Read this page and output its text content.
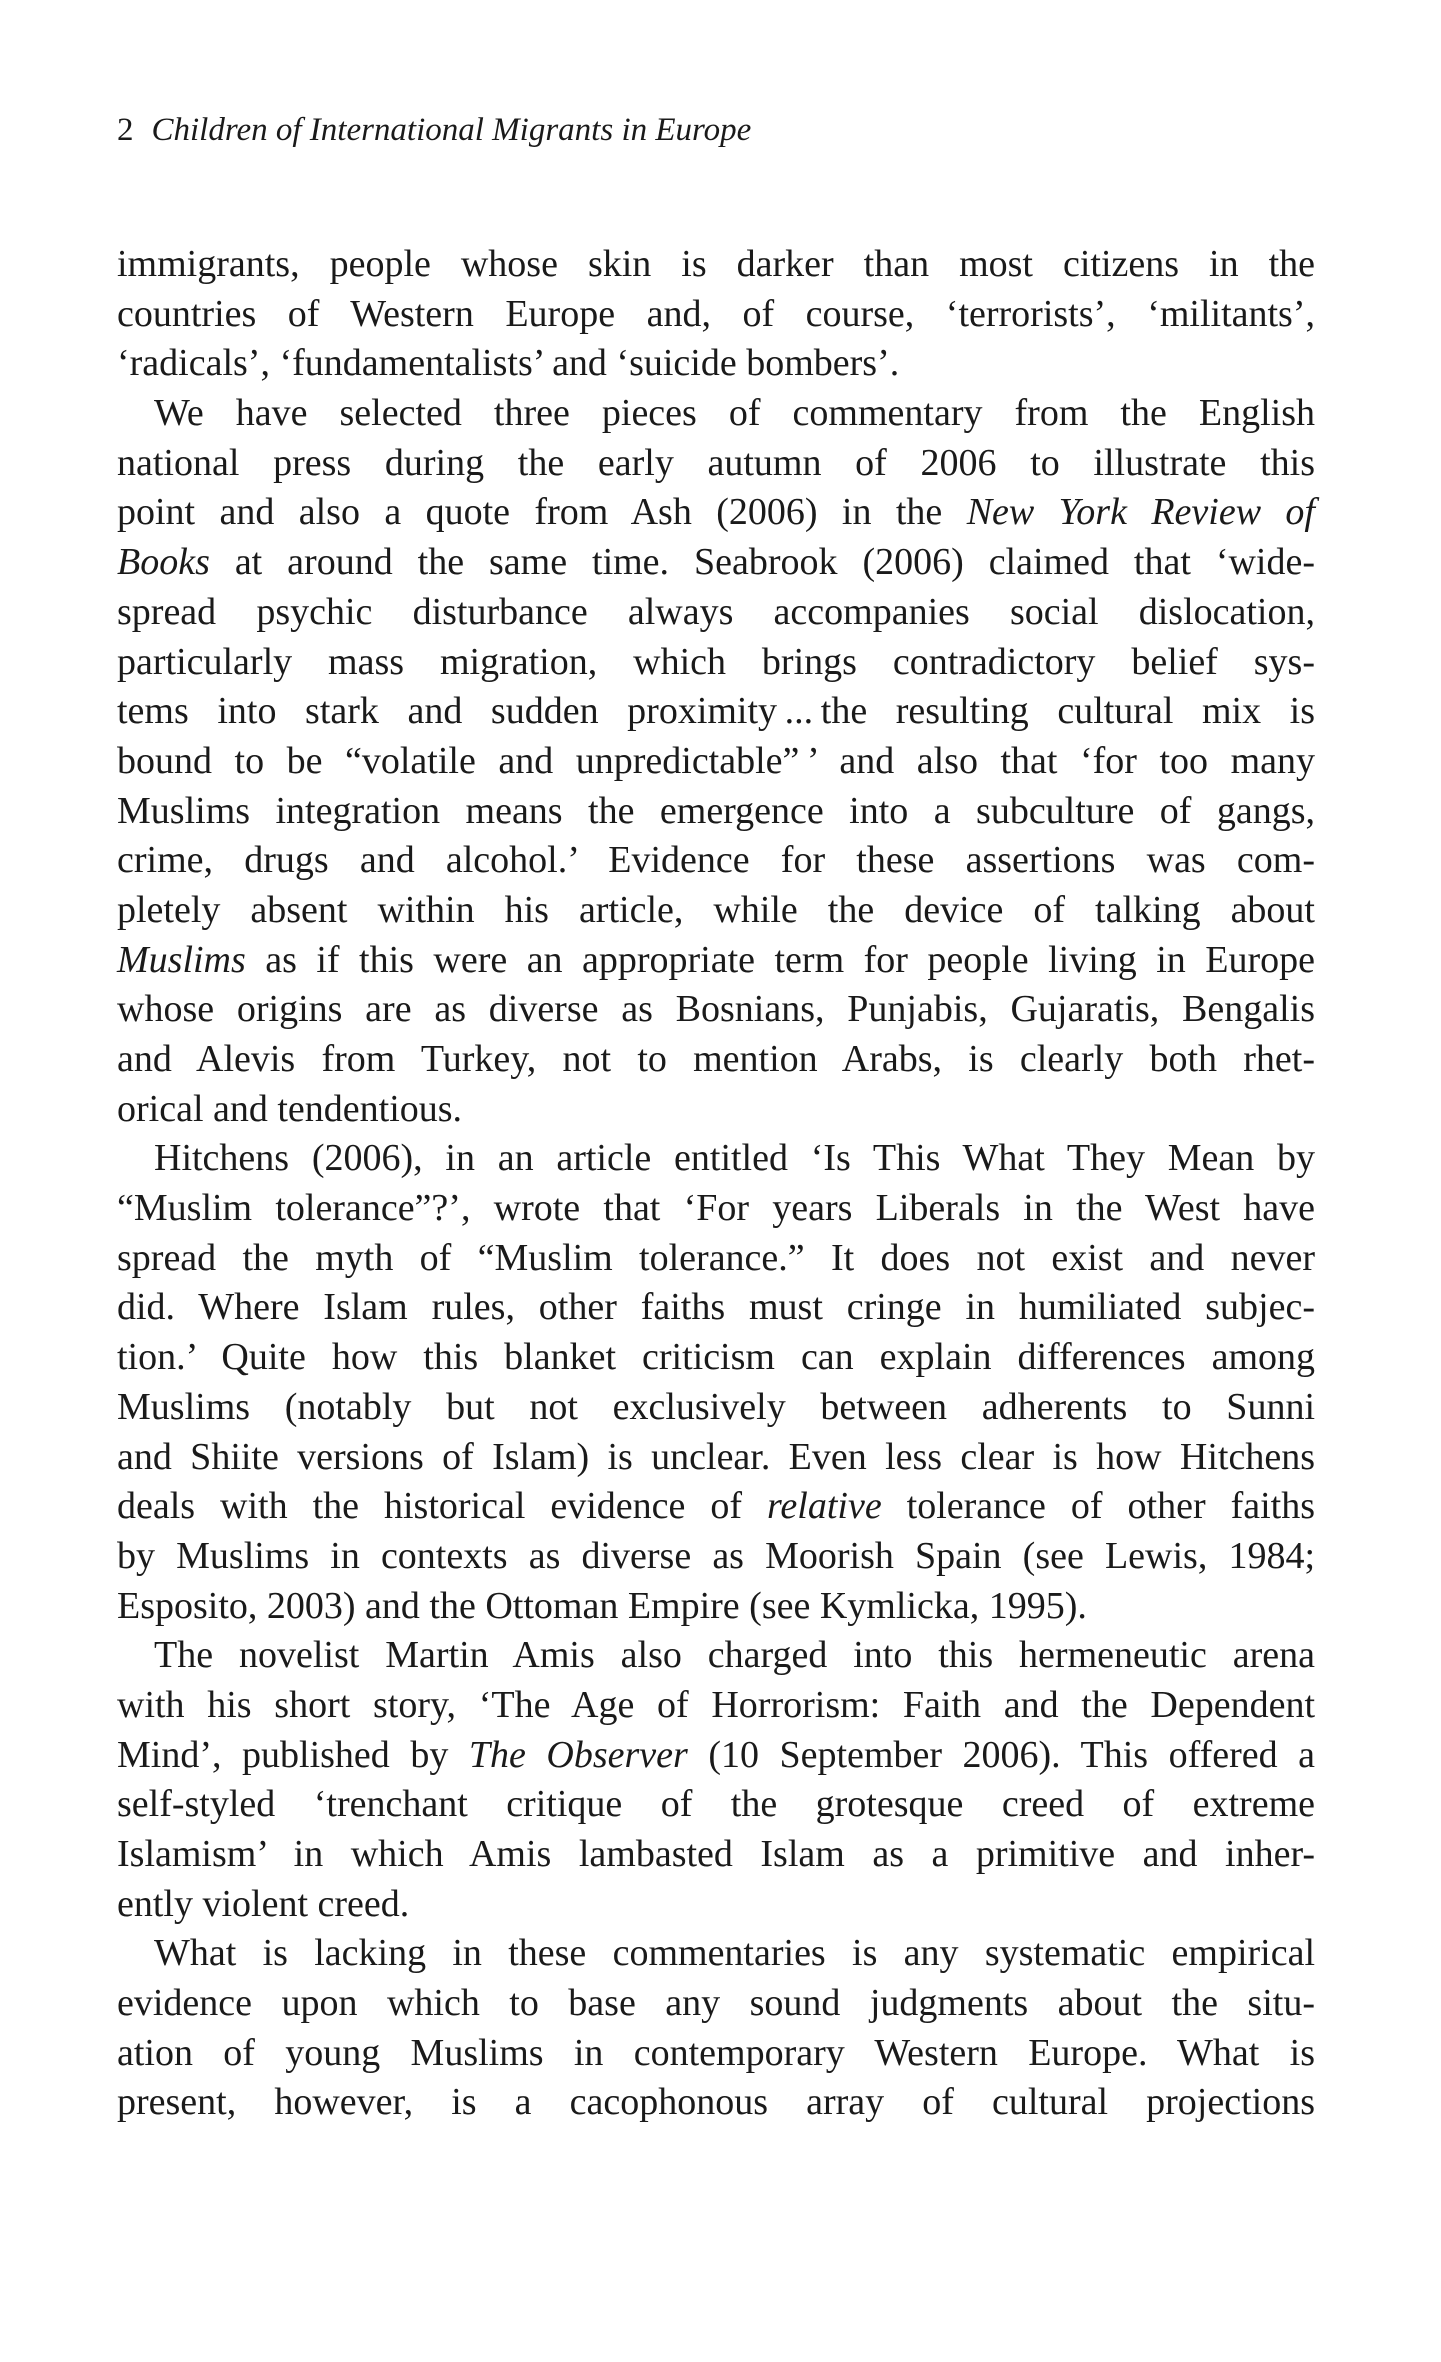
2 Children of International Migrants in Europe
immigrants, people whose skin is darker than most citizens in the
countries of Western Europe and, of course, ‘terrorists’, ‘militants’,
‘radicals’, ‘fundamentalists’ and ‘suicide bombers’.
We have selected three pieces of commentary from the English
national press during the early autumn of 2006 to illustrate this
point and also a quote from Ash (2006) in the New York Review of
Books at around the same time. Seabrook (2006) claimed that ‘wide-
spread psychic disturbance always accompanies social dislocation,
particularly mass migration, which brings contradictory belief sys-
tems into stark and sudden proximity ... the resulting cultural mix is
bound to be “volatile and unpredictable” ’ and also that ‘for too many
Muslims integration means the emergence into a subculture of gangs,
crime, drugs and alcohol.’ Evidence for these assertions was com-
pletely absent within his article, while the device of talking about
Muslims as if this were an appropriate term for people living in Europe
whose origins are as diverse as Bosnians, Punjabis, Gujaratis, Bengalis
and Alevis from Turkey, not to mention Arabs, is clearly both rhet-
orical and tendentious.
Hitchens (2006), in an article entitled ‘Is This What They Mean by
“Muslim tolerance”?’, wrote that ‘For years Liberals in the West have
spread the myth of “Muslim tolerance.” It does not exist and never
did. Where Islam rules, other faiths must cringe in humiliated subjec-
tion.’ Quite how this blanket criticism can explain differences among
Muslims (notably but not exclusively between adherents to Sunni
and Shiite versions of Islam) is unclear. Even less clear is how Hitchens
deals with the historical evidence of relative tolerance of other faiths
by Muslims in contexts as diverse as Moorish Spain (see Lewis, 1984;
Esposito, 2003) and the Ottoman Empire (see Kymlicka, 1995).
The novelist Martin Amis also charged into this hermeneutic arena
with his short story, ‘The Age of Horrorism: Faith and the Dependent
Mind’, published by The Observer (10 September 2006). This offered a
self-styled ‘trenchant critique of the grotesque creed of extreme
Islamism’ in which Amis lambasted Islam as a primitive and inher-
ently violent creed.
What is lacking in these commentaries is any systematic empirical
evidence upon which to base any sound judgments about the situ-
ation of young Muslims in contemporary Western Europe. What is
present, however, is a cacophonous array of cultural projections
